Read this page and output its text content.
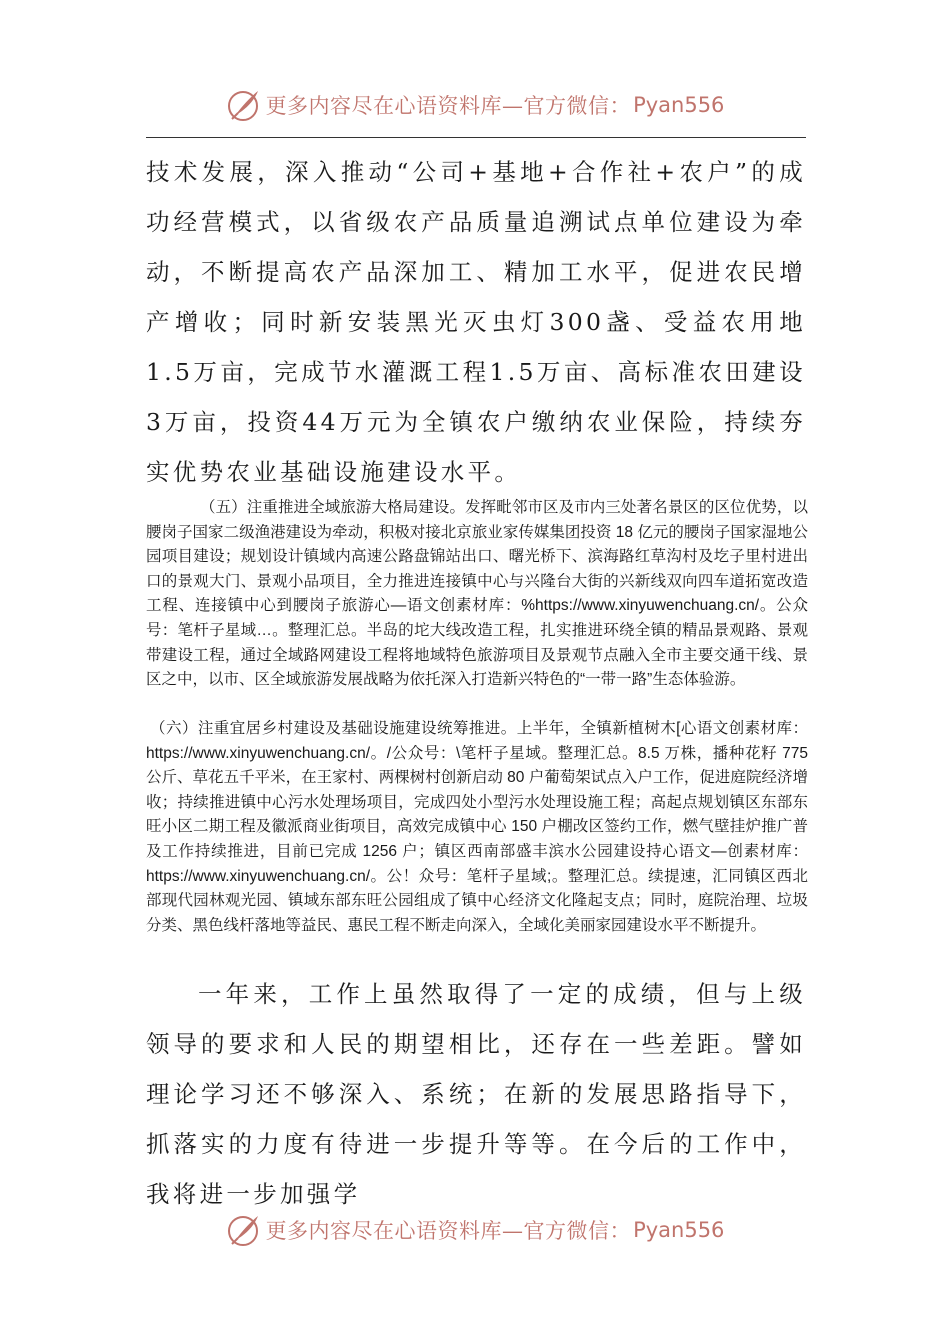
更多内容尽在心语资料库—官方微信： Pyan556

技术发展，深入推动“公司+基地+合作社+农户”的成功经营模式，以省级农产品质量追溯试点单位建设为牵动，不断提高农产品深加工、精加工水平，促进农民增产增收；同时新安装黑光灭虫灯300盏、受益农用地1.5万亩，完成节水灌溉工程1.5万亩、高标准农田建设3万亩，投资44万元为全镇农户缴纳农业保险，持续夯实优势农业基础设施建设水平。

（五）注重推进全域旅游大格局建设。发挥毗邻市区及市内三处著名景区的区位优势，以腰岗子国家二级渔港建设为牵动，积极对接北京旅业家传媒集团投资 18 亿元的腰岗子国家湿地公园项目建设；规划设计镇域内高速公路盘锦站出口、曙光桥下、滨海路红草沟村及圪子里村进出口的景观大门、景观小品项目，全力推进连接镇中心与兴隆台大街的兴新线双向四车道拓宽改造工程、连接镇中心到腰岗子旅游心—语文创素材库：%https://www.xinyuwenchuang.cn/。公众号：笔杆子星域…。整理汇总。半岛的坨大线改造工程，扎实推进环绕全镇的精品景观路、景观带建设工程，通过全域路网建设工程将地域特色旅游项目及景观节点融入全市主要交通干线、景区之中，以市、区全域旅游发展战略为依托深入打造新兴特色的“一带一路”生态体验游。

（六）注重宜居乡村建设及基础设施建设统筹推进。上半年，全镇新植树木[心语文创素材库：https://www.xinyuwenchuang.cn/。/公众号：\笔杆子星域。整理汇总。8.5 万株，播种花籽 775 公斤、草花五千平米，在王家村、两棵树村创新启动 80 户葡萄架试点入户工作，促进庭院经济增收；持续推进镇中心污水处理场项目，完成四处小型污水处理设施工程；高起点规划镇区东部东旺小区二期工程及徽派商业街项目，高效完成镇中心 150 户棚改区签约工作，燃气壁挂炉推广普及工作持续推进，目前已完成 1256 户；镇区西南部盛丰滨水公园建设持心语文—创素材库：https://www.xinyuwenchuang.cn/。公！众号：笔杆子星域;。整理汇总。续提速，汇同镇区西北部现代园林观光园、镇域东部东旺公园组成了镇中心经济文化隆起支点；同时，庭院治理、垃圾分类、黑色线杆落地等益民、惠民工程不断走向深入，全域化美丽家园建设水平不断提升。

一年来，工作上虽然取得了一定的成绩，但与上级领导的要求和人民的期望相比，还存在一些差距。譬如理论学习还不够深入、系统；在新的发展思路指导下，抓落实的力度有待进一步提升等等。在今后的工作中，我将进一步加强学

更多内容尽在心语资料库—官方微信： Pyan556
